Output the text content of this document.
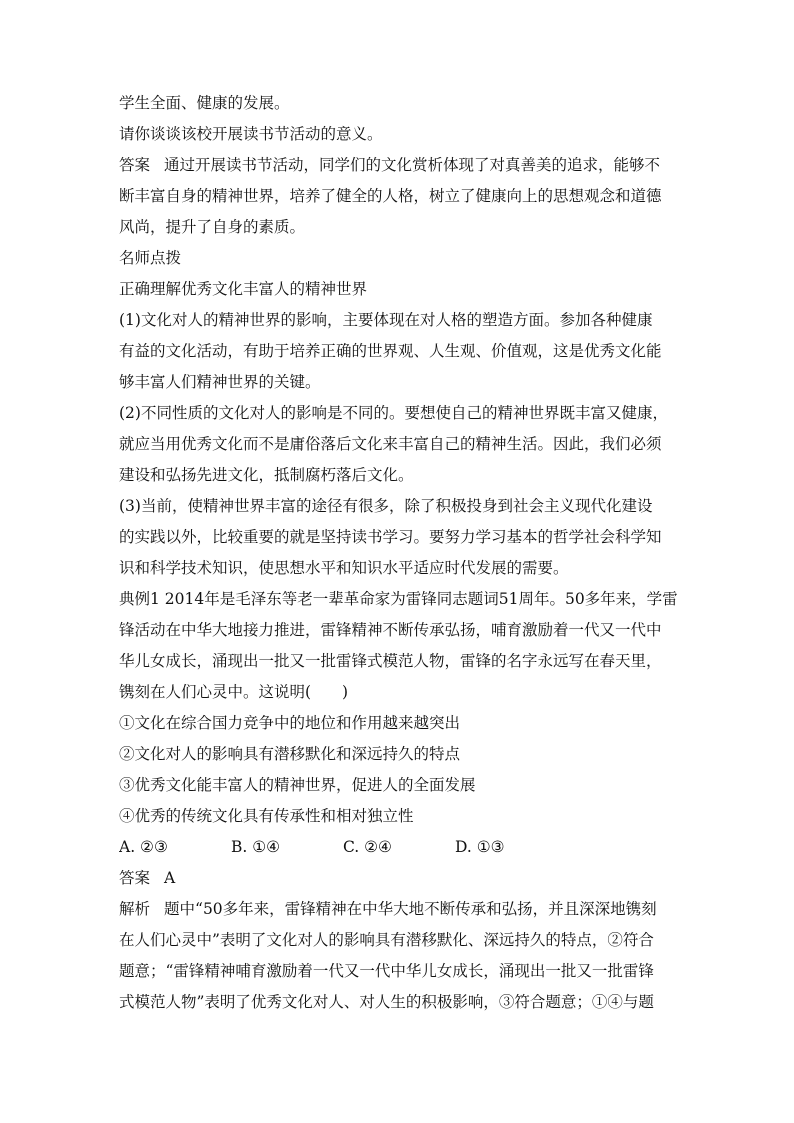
学生全面、健康的发展。
请你谈谈该校开展读书节活动的意义。
答案 通过开展读书节活动，同学们的文化赏析体现了对真善美的追求，能够不
断丰富自身的精神世界，培养了健全的人格，树立了健康向上的思想观念和道德
风尚，提升了自身的素质。
名师点拨
正确理解优秀文化丰富人的精神世界
(1)文化对人的精神世界的影响，主要体现在对人格的塑造方面。参加各种健康
有益的文化活动，有助于培养正确的世界观、人生观、价值观，这是优秀文化能
够丰富人们精神世界的关键。
(2)不同性质的文化对人的影响是不同的。要想使自己的精神世界既丰富又健康，
就应当用优秀文化而不是庸俗落后文化来丰富自己的精神生活。因此，我们必须
建设和弘扬先进文化，抵制腐朽落后文化。
(3)当前，使精神世界丰富的途径有很多，除了积极投身到社会主义现代化建设
的实践以外，比较重要的就是坚持读书学习。要努力学习基本的哲学社会科学知
识和科学技术知识，使思想水平和知识水平适应时代发展的需要。
典例1 2014年是毛泽东等老一辈革命家为雷锋同志题词51周年。50多年来，学雷
锋活动在中华大地接力推进，雷锋精神不断传承弘扬，哺育激励着一代又一代中
华儿女成长，涌现出一批又一批雷锋式模范人物，雷锋的名字永远写在春天里，
镌刻在人们心灵中。这说明(　　)
①文化在综合国力竞争中的地位和作用越来越突出
②文化对人的影响具有潜移默化和深远持久的特点
③优秀文化能丰富人的精神世界，促进人的全面发展
④优秀的传统文化具有传承性和相对独立性
A. ②③	B. ①④	C. ②④	D. ①③
答案 A
解析 题中“50多年来，雷锋精神在中华大地不断传承和弘扬，并且深深地镌刻
在人们心灵中”表明了文化对人的影响具有潜移默化、深远持久的特点，②符合
题意；“雷锋精神哺育激励着一代又一代中华儿女成长，涌现出一批又一批雷锋
式模范人物”表明了优秀文化对人、对人生的积极影响，③符合题意；①④与题
